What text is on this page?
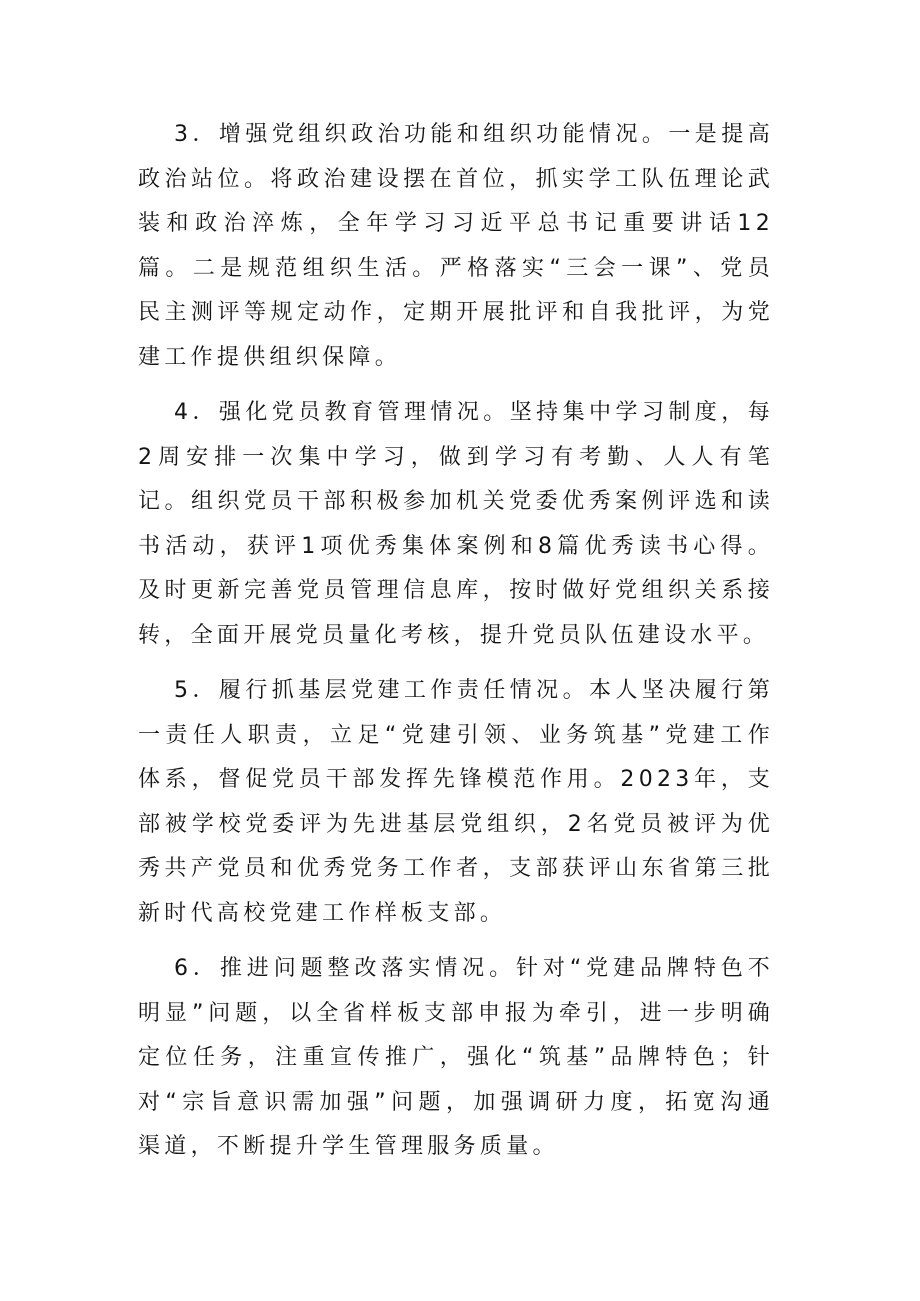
3．增强党组织政治功能和组织功能情况。一是提高政治站位。将政治建设摆在首位，抓实学工队伍理论武装和政治淬炼，全年学习习近平总书记重要讲话12篇。二是规范组织生活。严格落实“三会一课”、党员民主测评等规定动作，定期开展批评和自我批评，为党建工作提供组织保障。

4．强化党员教育管理情况。坚持集中学习制度，每2周安排一次集中学习，做到学习有考勤、人人有笔记。组织党员干部积极参加机关党委优秀案例评选和读书活动，获评1项优秀集体案例和8篇优秀读书心得。及时更新完善党员管理信息库，按时做好党组织关系接转，全面开展党员量化考核，提升党员队伍建设水平。

5．履行抓基层党建工作责任情况。本人坚决履行第一责任人职责，立足“党建引领、业务筑基”党建工作体系，督促党员干部发挥先锋模范作用。2023年，支部被学校党委评为先进基层党组织，2名党员被评为优秀共产党员和优秀党务工作者，支部获评山东省第三批新时代高校党建工作样板支部。

6．推进问题整改落实情况。针对“党建品牌特色不明显”问题，以全省样板支部申报为牵引，进一步明确定位任务，注重宣传推广，强化“筑基”品牌特色；针对“宗旨意识需加强”问题，加强调研力度，拓宽沟通渠道，不断提升学生管理服务质量。
